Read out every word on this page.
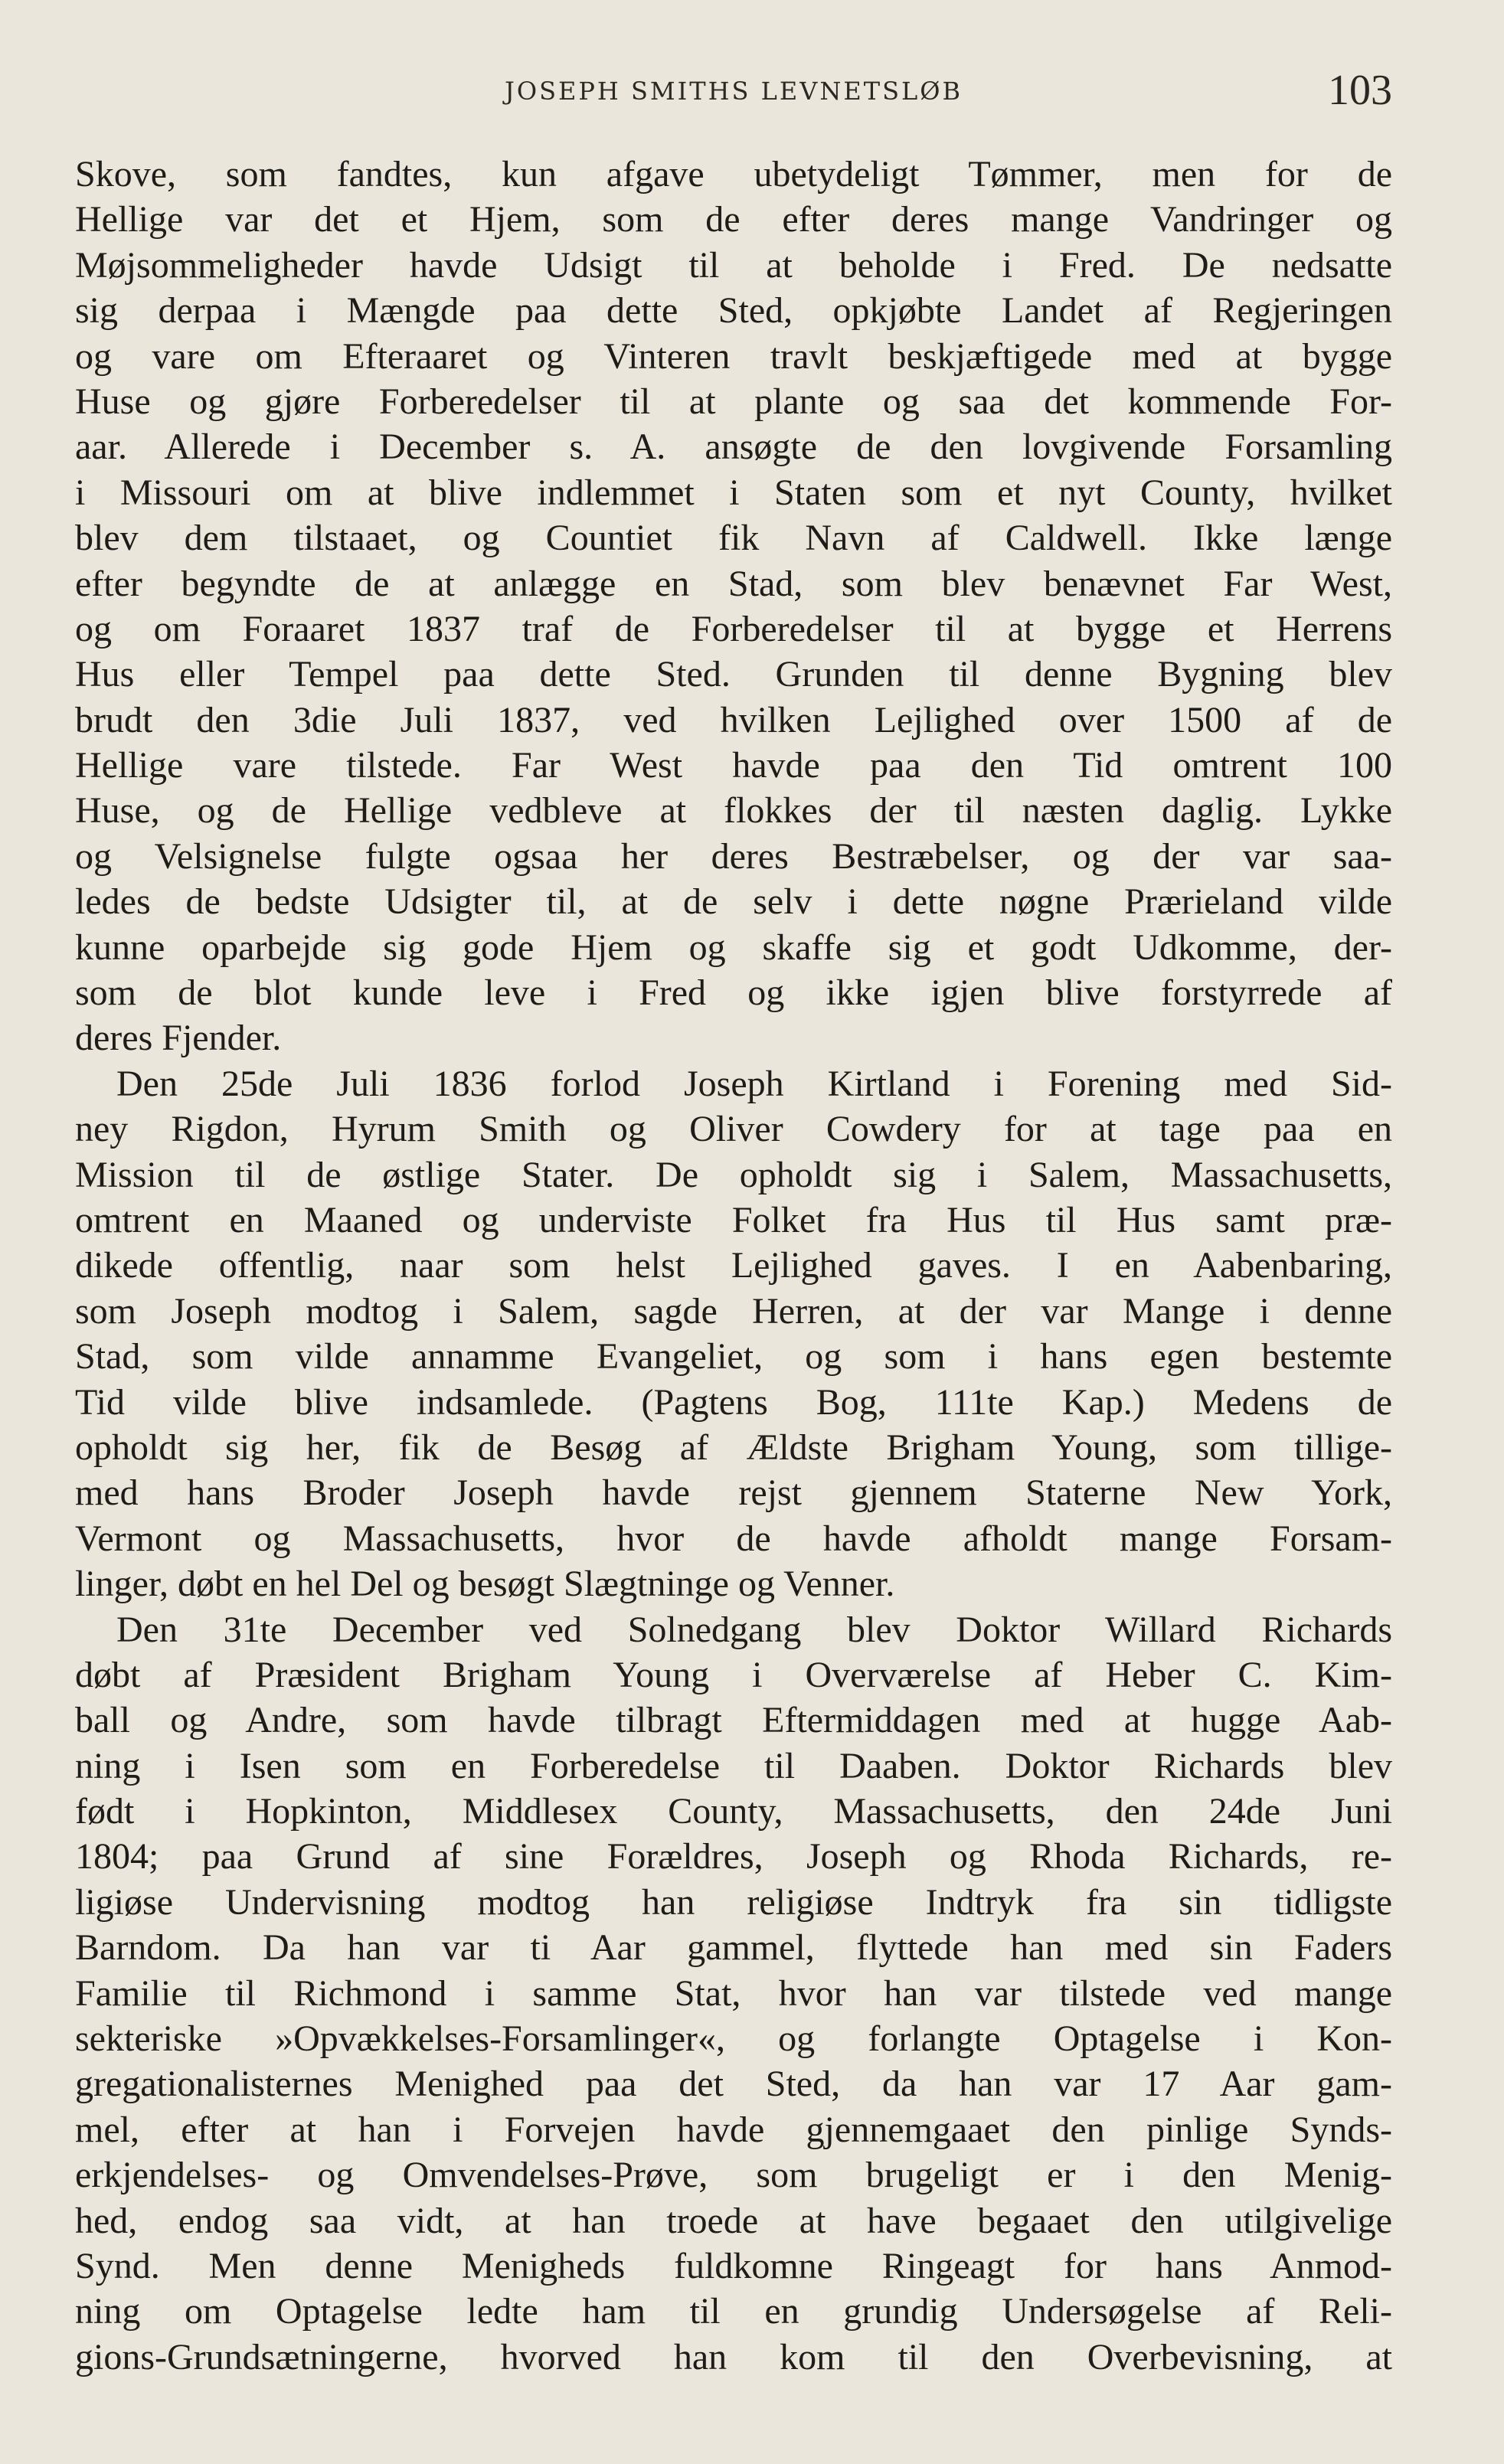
JOSEPH SMITHS LEVNETSLØB	103
Skove, som fandtes, kun afgave ubetydeligt Tømmer, men for de
Hellige var det et Hjem, som de efter deres mange Vandringer og
Møjsommeligheder havde Udsigt til at beholde i Fred. De nedsatte
sig derpaa i Mængde paa dette Sted, opkjøbte Landet af Regjeringen
og vare om Efteraaret og Vinteren travlt beskjæftigede med at bygge
Huse og gjøre Forberedelser til at plante og saa det kommende For-
aar. Allerede i December s. A. ansøgte de den lovgivende Forsamling
i Missouri om at blive indlemmet i Staten som et nyt County, hvilket
blev dem tilstaaet, og Countiet fik Navn af Caldwell. Ikke længe
efter begyndte de at anlægge en Stad, som blev benævnet Far West,
og om Foraaret 1837 traf de Forberedelser til at bygge et Herrens
Hus eller Tempel paa dette Sted. Grunden til denne Bygning blev
brudt den 3die Juli 1837, ved hvilken Lejlighed over 1500 af de
Hellige vare tilstede. Far West havde paa den Tid omtrent 100
Huse, og de Hellige vedbleve at flokkes der til næsten daglig. Lykke
og Velsignelse fulgte ogsaa her deres Bestræbelser, og der var saa-
ledes de bedste Udsigter til, at de selv i dette nøgne Prærieland vilde
kunne oparbejde sig gode Hjem og skaffe sig et godt Udkomme, der-
som de blot kunde leve i Fred og ikke igjen blive forstyrrede af
deres Fjender.
Den 25de Juli 1836 forlod Joseph Kirtland i Forening med Sid-
ney Rigdon, Hyrum Smith og Oliver Cowdery for at tage paa en
Mission til de østlige Stater. De opholdt sig i Salem, Massachusetts,
omtrent en Maaned og underviste Folket fra Hus til Hus samt præ-
dikede offentlig, naar som helst Lejlighed gaves. I en Aabenbaring,
som Joseph modtog i Salem, sagde Herren, at der var Mange i denne
Stad, som vilde annamme Evangeliet, og som i hans egen bestemte
Tid vilde blive indsamlede. (Pagtens Bog, 111te Kap.) Medens de
opholdt sig her, fik de Besøg af Ældste Brigham Young, som tillige-
med hans Broder Joseph havde rejst gjennem Staterne New York,
Vermont og Massachusetts, hvor de havde afholdt mange Forsam-
linger, døbt en hel Del og besøgt Slægtninge og Venner.
Den 31te December ved Solnedgang blev Doktor Willard Richards
døbt af Præsident Brigham Young i Overværelse af Heber C. Kim-
ball og Andre, som havde tilbragt Eftermiddagen med at hugge Aab-
ning i Isen som en Forberedelse til Daaben. Doktor Richards blev
født i Hopkinton, Middlesex County, Massachusetts, den 24de Juni
1804; paa Grund af sine Forældres, Joseph og Rhoda Richards, re-
ligiøse Undervisning modtog han religiøse Indtryk fra sin tidligste
Barndom. Da han var ti Aar gammel, flyttede han med sin Faders
Familie til Richmond i samme Stat, hvor han var tilstede ved mange
sekteriske »Opvækkelses-Forsamlinger«, og forlangte Optagelse i Kon-
gregationalisternes Menighed paa det Sted, da han var 17 Aar gam-
mel, efter at han i Forvejen havde gjennemgaaet den pinlige Synds-
erkjendelses- og Omvendelses-Prøve, som brugeligt er i den Menig-
hed, endog saa vidt, at han troede at have begaaet den utilgivelige
Synd. Men denne Menigheds fuldkomne Ringeagt for hans Anmod-
ning om Optagelse ledte ham til en grundig Undersøgelse af Reli-
gions-Grundsætningerne, hvorved han kom til den Overbevisning, at
